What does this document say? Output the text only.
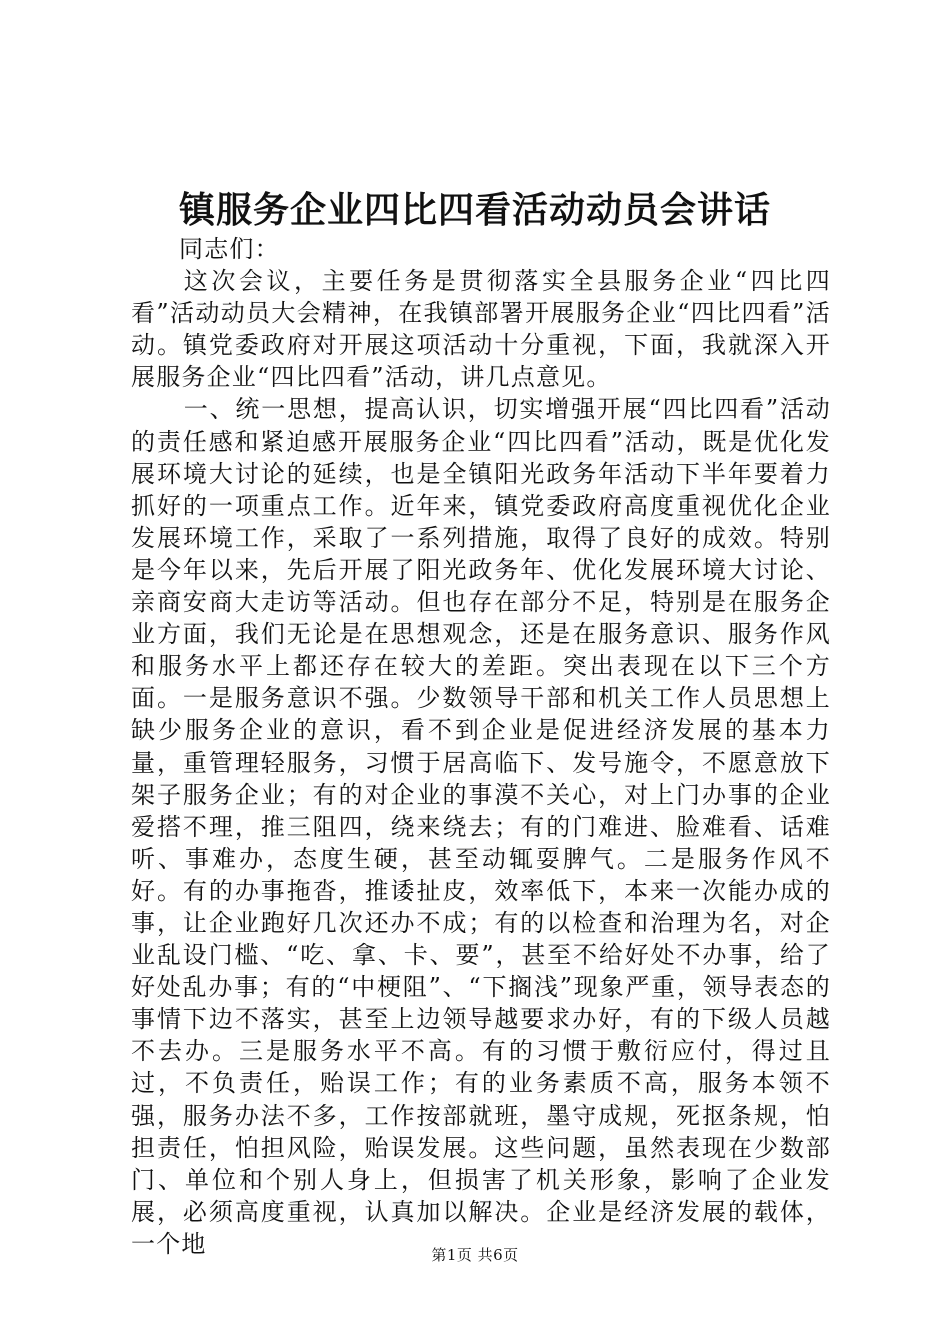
镇服务企业四比四看活动动员会讲话

同志们：

这次会议，主要任务是贯彻落实全县服务企业“四比四看”活动动员大会精神，在我镇部署开展服务企业“四比四看”活动。镇党委政府对开展这项活动十分重视，下面，我就深入开展服务企业“四比四看”活动，讲几点意见。

一、统一思想，提高认识，切实增强开展“四比四看”活动的责任感和紧迫感开展服务企业“四比四看”活动，既是优化发展环境大讨论的延续，也是全镇阳光政务年活动下半年要着力抓好的一项重点工作。近年来，镇党委政府高度重视优化企业发展环境工作，采取了一系列措施，取得了良好的成效。特别是今年以来，先后开展了阳光政务年、优化发展环境大讨论、亲商安商大走访等活动。但也存在部分不足，特别是在服务企业方面，我们无论是在思想观念，还是在服务意识、服务作风和服务水平上都还存在较大的差距。突出表现在以下三个方面。一是服务意识不强。少数领导干部和机关工作人员思想上缺少服务企业的意识，看不到企业是促进经济发展的基本力量，重管理轻服务，习惯于居高临下、发号施令，不愿意放下架子服务企业；有的对企业的事漠不关心，对上门办事的企业爱搭不理，推三阻四，绕来绕去；有的门难进、脸难看、话难听、事难办，态度生硬，甚至动辄耍脾气。二是服务作风不好。有的办事拖沓，推诿扯皮，效率低下，本来一次能办成的事，让企业跑好几次还办不成；有的以检查和治理为名，对企业乱设门槛、“吃、拿、卡、要”，甚至不给好处不办事，给了好处乱办事；有的“中梗阻”、“下搁浅”现象严重，领导表态的事情下边不落实，甚至上边领导越要求办好，有的下级人员越不去办。三是服务水平不高。有的习惯于敷衍应付，得过且过，不负责任，贻误工作；有的业务素质不高，服务本领不强，服务办法不多，工作按部就班，墨守成规，死抠条规，怕担责任，怕担风险，贻误发展。这些问题，虽然表现在少数部门、单位和个别人身上，但损害了机关形象，影响了企业发展，必须高度重视，认真加以解决。企业是经济发展的载体，一个地	第1页 共6页
